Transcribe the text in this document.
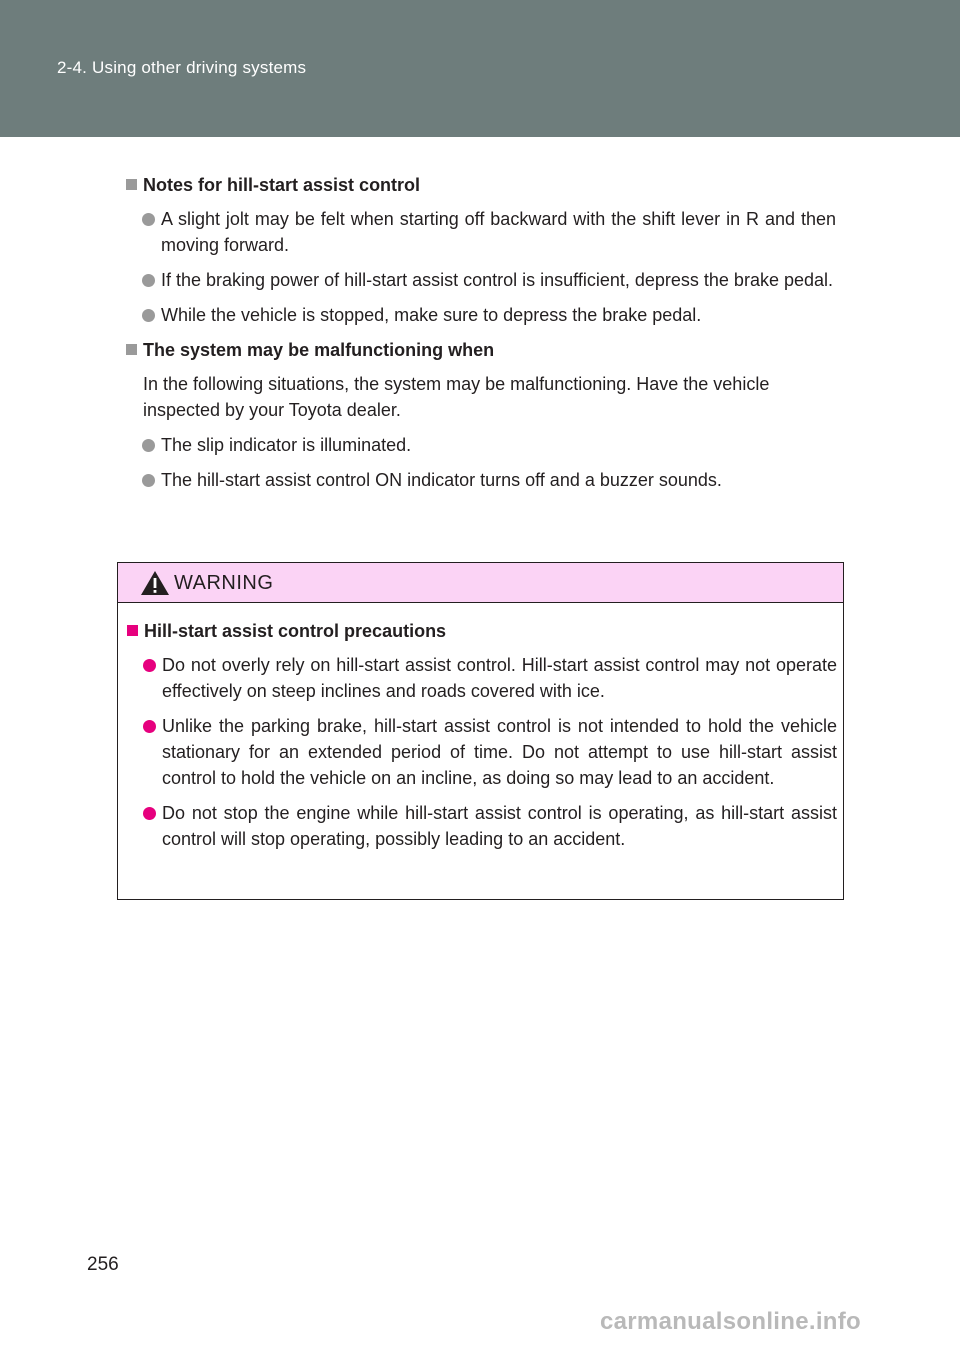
2-4. Using other driving systems
Notes for hill-start assist control
A slight jolt may be felt when starting off backward with the shift lever in R and then moving forward.
If the braking power of hill-start assist control is insufficient, depress the brake pedal.
While the vehicle is stopped, make sure to depress the brake pedal.
The system may be malfunctioning when
In the following situations, the system may be malfunctioning. Have the vehicle inspected by your Toyota dealer.
The slip indicator is illuminated.
The hill-start assist control ON indicator turns off and a buzzer sounds.
WARNING
Hill-start assist control precautions
Do not overly rely on hill-start assist control. Hill-start assist control may not operate effectively on steep inclines and roads covered with ice.
Unlike the parking brake, hill-start assist control is not intended to hold the vehicle stationary for an extended period of time. Do not attempt to use hill-start assist control to hold the vehicle on an incline, as doing so may lead to an accident.
Do not stop the engine while hill-start assist control is operating, as hill-start assist control will stop operating, possibly leading to an accident.
256
carmanualsonline.info
